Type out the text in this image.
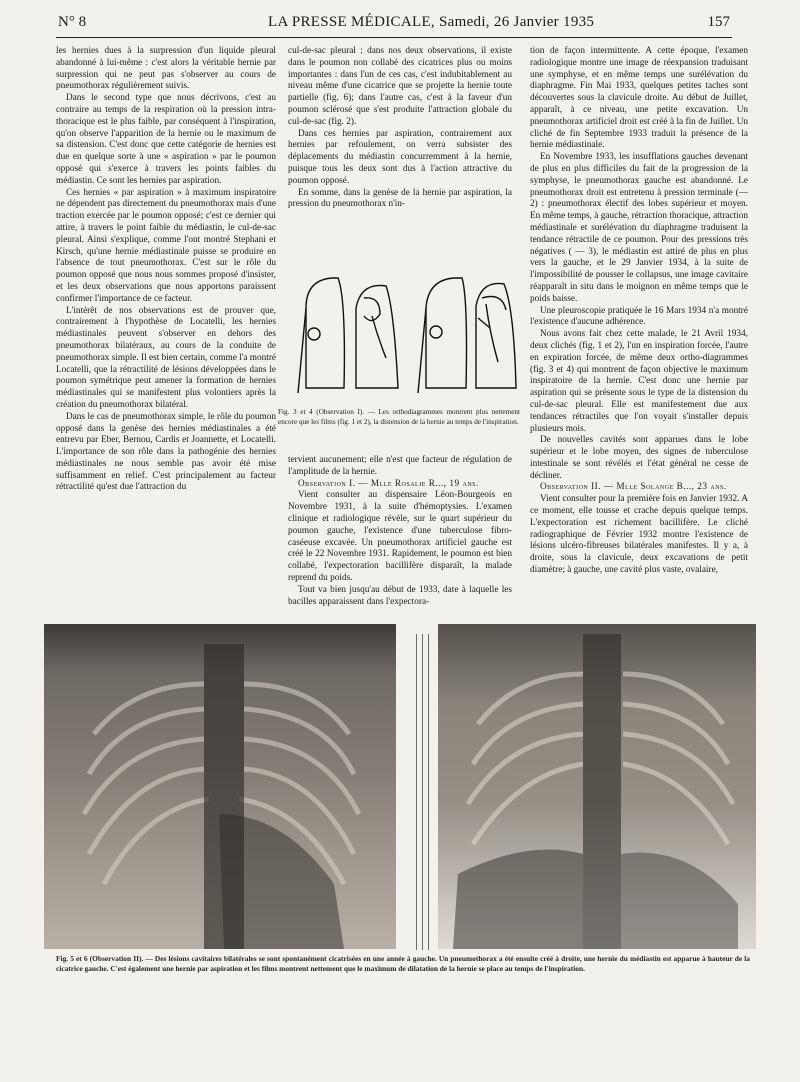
N° 8	LA PRESSE MÉDICALE, Samedi, 26 Janvier 1935	157

les hernies dues à la surpression d'un liquide pleural abandonné à lui-même : c'est alors la véritable hernie par surpression qui ne peut pas s'observer au cours de pneumothorax régulièrement suivis.

Dans le second type que nous décrivons, c'est au contraire au temps de la respiration où la pression intra-thoracique est le plus faible, par conséquent à l'inspiration, qu'on observe l'apparition de la hernie ou le maximum de sa distension. C'est donc que cette catégorie de hernies est due en quelque sorte à une « aspiration » par le poumon opposé qui s'exerce à travers les points faibles du médiastin. Ce sont les hernies par aspiration.

Ces hernies « par aspiration » à maximum inspiratoire ne dépendent pas directement du pneumothorax mais d'une traction exercée par le poumon opposé; c'est ce dernier qui attire, à travers le point faible du médiastin, le cul-de-sac pleural. Ainsi s'explique, comme l'ont montré Stephani et Kirsch, qu'une hernie médiastinale puisse se produire en l'absence de tout pneumothorax. C'est sur le rôle du poumon opposé que nous nous sommes proposé d'insister, et les deux observations que nous apportons paraissent confirmer l'importance de ce facteur.

L'intérêt de nos observations est de prouver que, contrairement à l'hypothèse de Locatelli, les hernies médiastinales peuvent s'observer en dehors des pneumothorax bilatéraux, au cours de la conduite de pneumothorax simple. Il est bien certain, comme l'a montré Locatelli, que la rétractilité de lésions développées dans le poumon symétrique peut amener la formation de hernies médiastinales qui se manifestent plus volontiers après la création du pneumothorax bilatéral.

Dans le cas de pneumothorax simple, le rôle du poumon opposé dans la genèse des hernies médiastinales a été entrevu par Eber, Bernou, Cardis et Joannette, et Locatelli. L'importance de son rôle dans la pathogénie des hernies médiastinales ne nous semble pas avoir été mise suffisamment en relief. C'est principalement au facteur rétractilité qu'est due l'attraction du

cul-de-sac pleural : dans nos deux observations, il existe dans le poumon non collabé des cicatrices plus ou moins importantes : dans l'un de ces cas, c'est indubitablement au niveau même d'une cicatrice que se projette la hernie toute partielle (fig. 6); dans l'autre cas, c'est à la faveur d'un poumon sclérosé que s'est produite l'attraction globale du cul-de-sac (fig. 2).

Dans ces hernies par aspiration, contrairement aux hernies par refoulement, on verra subsister des déplacements du médiastin concurremment à la hernie, puisque tous les deux sont dus à l'action attractive du poumon opposé.

En somme, dans la genèse de la hernie par aspiration, la pression du pneumothorax n'in-

Fig. 3 et 4 (Observation I). — Les orthodiagrammes montrent plus nettement encore que les films (fig. 1 et 2), la distension de la hernie au temps de l'inspiration.

tervient aucunement; elle n'est que facteur de régulation de l'amplitude de la hernie.

Observation I. — Mlle Rosalie R..., 19 ans.

Vient consulter au dispensaire Léon-Bourgeois en Novembre 1931, à la suite d'hémoptysies. L'examen clinique et radiologique révèle, sur le quart supérieur du poumon gauche, l'existence d'une tuberculose fibro-caséeuse excavée. Un pneumothorax artificiel gauche est créé le 22 Novembre 1931. Rapidement, le poumon est bien collabé, l'expectoration bacillifère disparaît, la malade reprend du poids.

Tout va bien jusqu'au début de 1933, date à laquelle les bacilles apparaissent dans l'expectora-

tion de façon intermittente. A cette époque, l'examen radiologique montre une image de réexpansion traduisant une symphyse, et en même temps une surélévation du diaphragme. Fin Mai 1933, quelques petites taches sont découvertes sous la clavicule droite. Au début de Juillet, apparaît, à ce niveau, une petite excavation. Un pneumothorax artificiel droit est créé à la fin de Juillet. Un cliché de fin Septembre 1933 traduit la présence de la hernie médiastinale.

En Novembre 1933, les insufflations gauches devenant de plus en plus difficiles du fait de la progression de la symphyse, le pneumothorax gauche est abandonné. Le pneumothorax droit est entretenu à pression terminale (—2) : pneumothorax électif des lobes supérieur et moyen. En même temps, à gauche, rétraction thoracique, attraction médiastinale et surélévation du diaphragme traduisent la tendance rétractile de ce poumon. Pour des pressions très négatives ( — 3), le médiastin est attiré de plus en plus vers la gauche, et le 29 Janvier 1934, à la suite de l'impossibilité de pousser le collapsus, une image cavitaire réapparaît in situ dans le moignon en même temps que le poids baisse.

Une pleuroscopie pratiquée le 16 Mars 1934 n'a montré l'existence d'aucune adhérence.

Nous avons fait chez cette malade, le 21 Avril 1934, deux clichés (fig. 1 et 2), l'un en inspiration forcée, l'autre en expiration forcée, de même deux ortho-diagrammes (fig. 3 et 4) qui montrent de façon objective le maximum inspiratoire de la hernie. C'est donc une hernie par aspiration qui se présente sous le type de la distension du cul-de-sac pleural. Elle est manifestement due aux tendances rétractiles que l'on voyait s'installer depuis plusieurs mois.

De nouvelles cavités sont apparues dans le lobe supérieur et le lobe moyen, des signes de tuberculose intestinale se sont révélés et l'état général ne cesse de décliner.

Observation II. — Mlle Solange B..., 23 ans.

Vient consulter pour la première fois en Janvier 1932. A ce moment, elle tousse et crache depuis quelque temps. L'expectoration est richement bacillifère. Le cliché radiographique de Février 1932 montre l'existence de lésions ulcéro-fibreuses bilatérales manifestes. Il y a, à droite, sous la clavicule, deux excavations de petit diamètre; à gauche, une cavité plus vaste, ovalaire,

Fig. 5 et 6 (Observation II). — Des lésions cavitaires bilatérales se sont spontanément cicatrisées en une année à gauche. Un pneumothorax a été ensuite créé à droite, une hernie du médiastin est apparue à hauteur de la cicatrice gauche. C'est également une hernie par aspiration et les films montrent nettement que le maximum de dilatation de la hernie se place au temps de l'inspiration.
